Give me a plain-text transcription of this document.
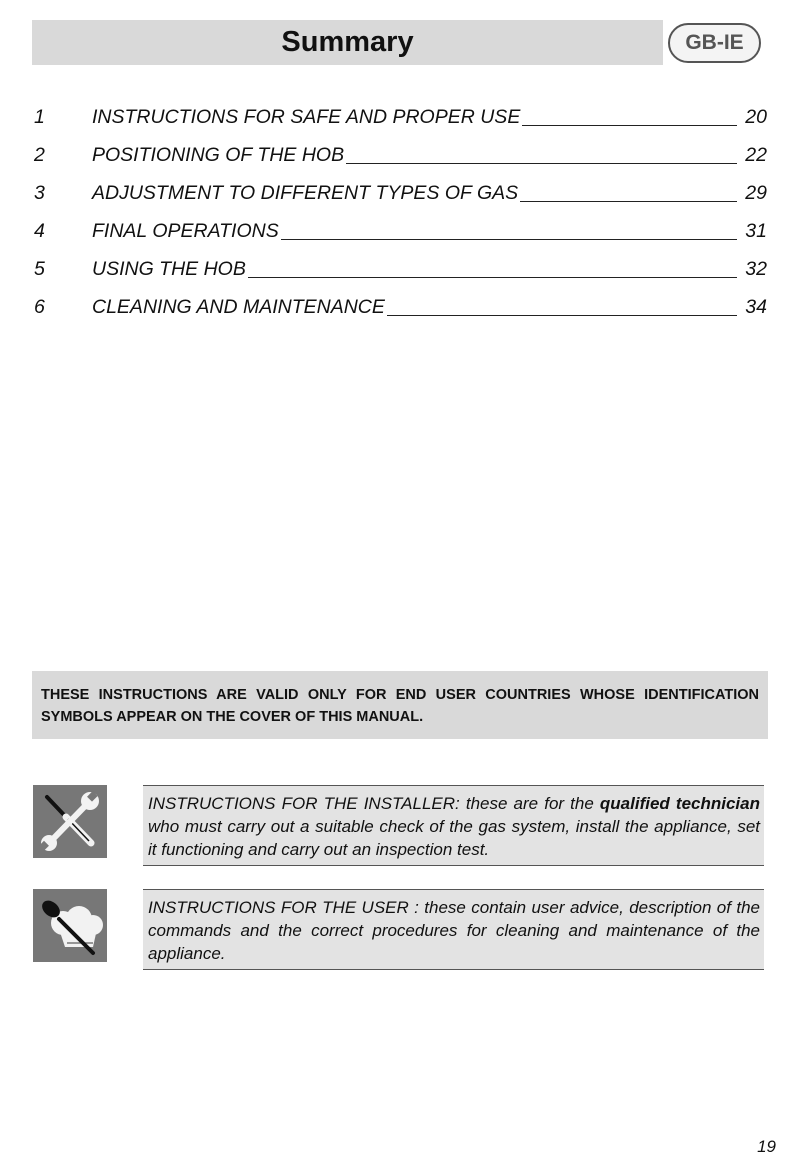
Summary	GB-IE
1	INSTRUCTIONS FOR SAFE AND PROPER USE	20
2	POSITIONING OF THE HOB	22
3	ADJUSTMENT TO DIFFERENT TYPES OF GAS	29
4	FINAL OPERATIONS	31
5	USING THE HOB	32
6	CLEANING AND MAINTENANCE	34
THESE INSTRUCTIONS ARE VALID ONLY FOR END USER COUNTRIES WHOSE IDENTIFICATION SYMBOLS APPEAR ON THE COVER OF THIS MANUAL.
INSTRUCTIONS FOR THE INSTALLER: these are for the qualified technician who must carry out a suitable check of the gas system, install the appliance, set it functioning and carry out an inspection test.
INSTRUCTIONS FOR THE USER : these contain user advice, description of the commands and the correct procedures for cleaning and maintenance of the appliance.
19
